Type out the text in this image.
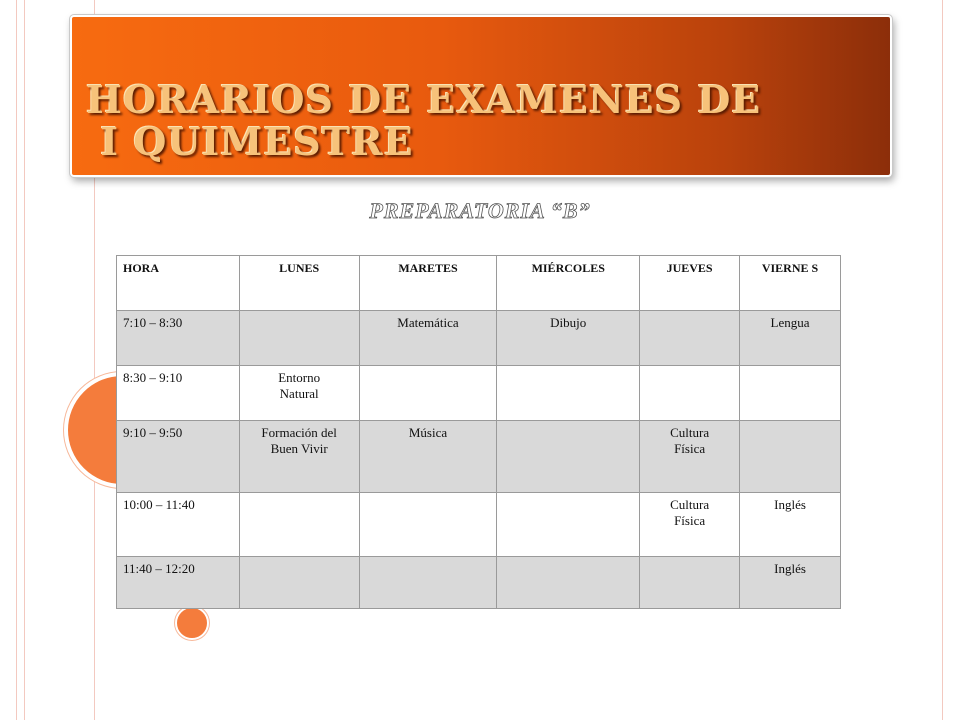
HORARIOS DE EXAMENES DE
I QUIMESTRE
PREPARATORIA “B”
HORA	LUNES	MARETES	MIÉRCOLES	JUEVES	VIERNE S
7:10 – 8:30		Matemática	Dibujo		Lengua
8:30 – 9:10	Entorno Natural				
9:10 – 9:50	Formación del Buen Vivir	Música		Cultura Física	
10:00 – 11:40				Cultura Física	Inglés
11:40 – 12:20					Inglés
